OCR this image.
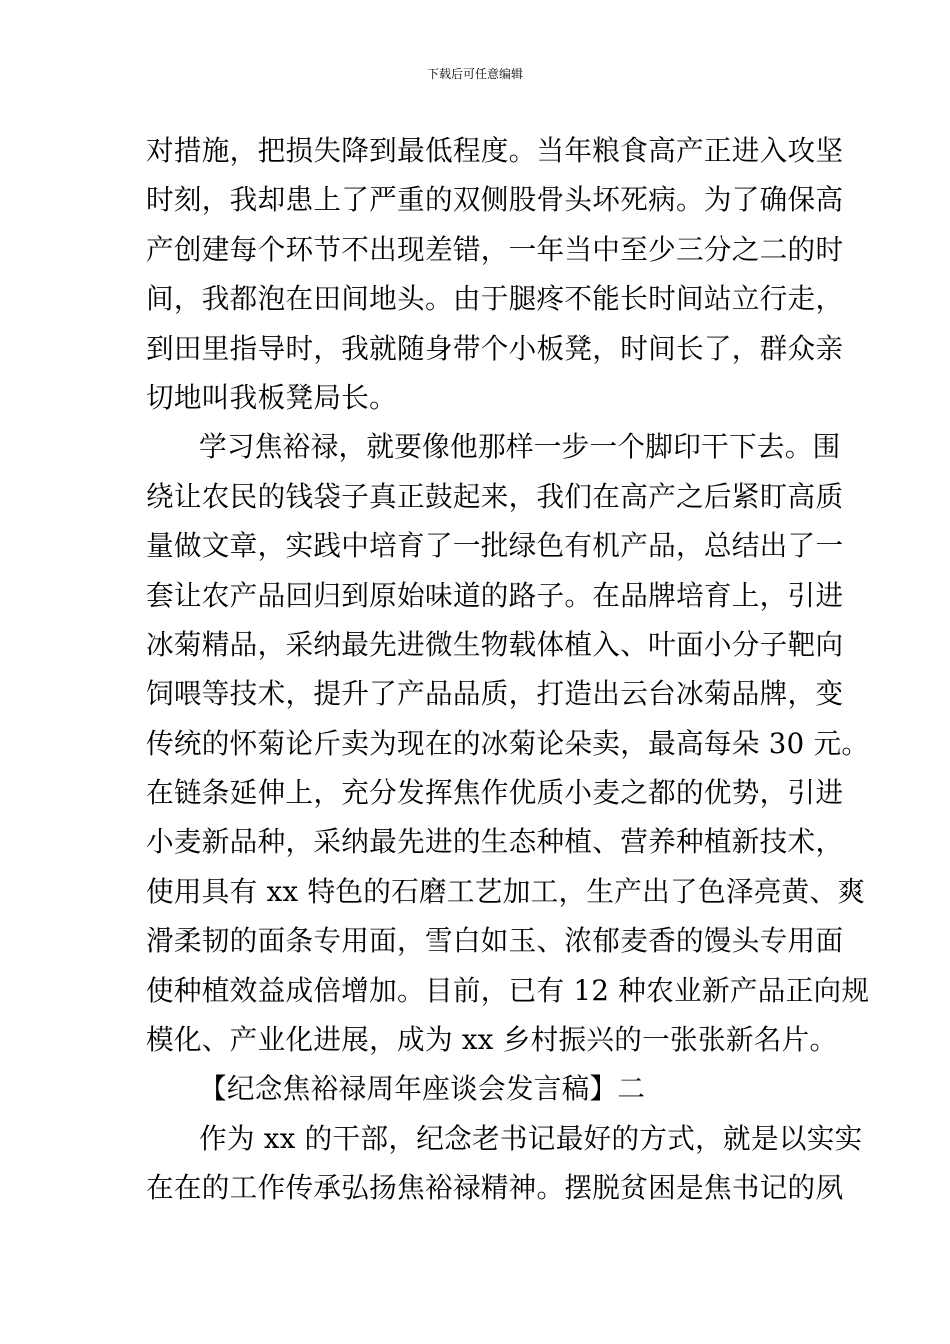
下载后可任意编辑
对措施，把损失降到最低程度。当年粮食高产正进入攻坚
时刻，我却患上了严重的双侧股骨头坏死病。为了确保高
产创建每个环节不出现差错，一年当中至少三分之二的时
间，我都泡在田间地头。由于腿疼不能长时间站立行走，
到田里指导时，我就随身带个小板凳，时间长了，群众亲
切地叫我板凳局长。
学习焦裕禄，就要像他那样一步一个脚印干下去。围
绕让农民的钱袋子真正鼓起来，我们在高产之后紧盯高质
量做文章，实践中培育了一批绿色有机产品，总结出了一
套让农产品回归到原始味道的路子。在品牌培育上，引进
冰菊精品，采纳最先进微生物载体植入、叶面小分子靶向
饲喂等技术，提升了产品品质，打造出云台冰菊品牌，变
传统的怀菊论斤卖为现在的冰菊论朵卖，最高每朵 30 元。
在链条延伸上，充分发挥焦作优质小麦之都的优势，引进
小麦新品种，采纳最先进的生态种植、营养种植新技术，
使用具有 xx 特色的石磨工艺加工，生产出了色泽亮黄、爽
滑柔韧的面条专用面，雪白如玉、浓郁麦香的馒头专用面
使种植效益成倍增加。目前，已有 12 种农业新产品正向规
模化、产业化进展，成为 xx 乡村振兴的一张张新名片。
【纪念焦裕禄周年座谈会发言稿】二
作为 xx 的干部，纪念老书记最好的方式，就是以实实
在在的工作传承弘扬焦裕禄精神。摆脱贫困是焦书记的夙
